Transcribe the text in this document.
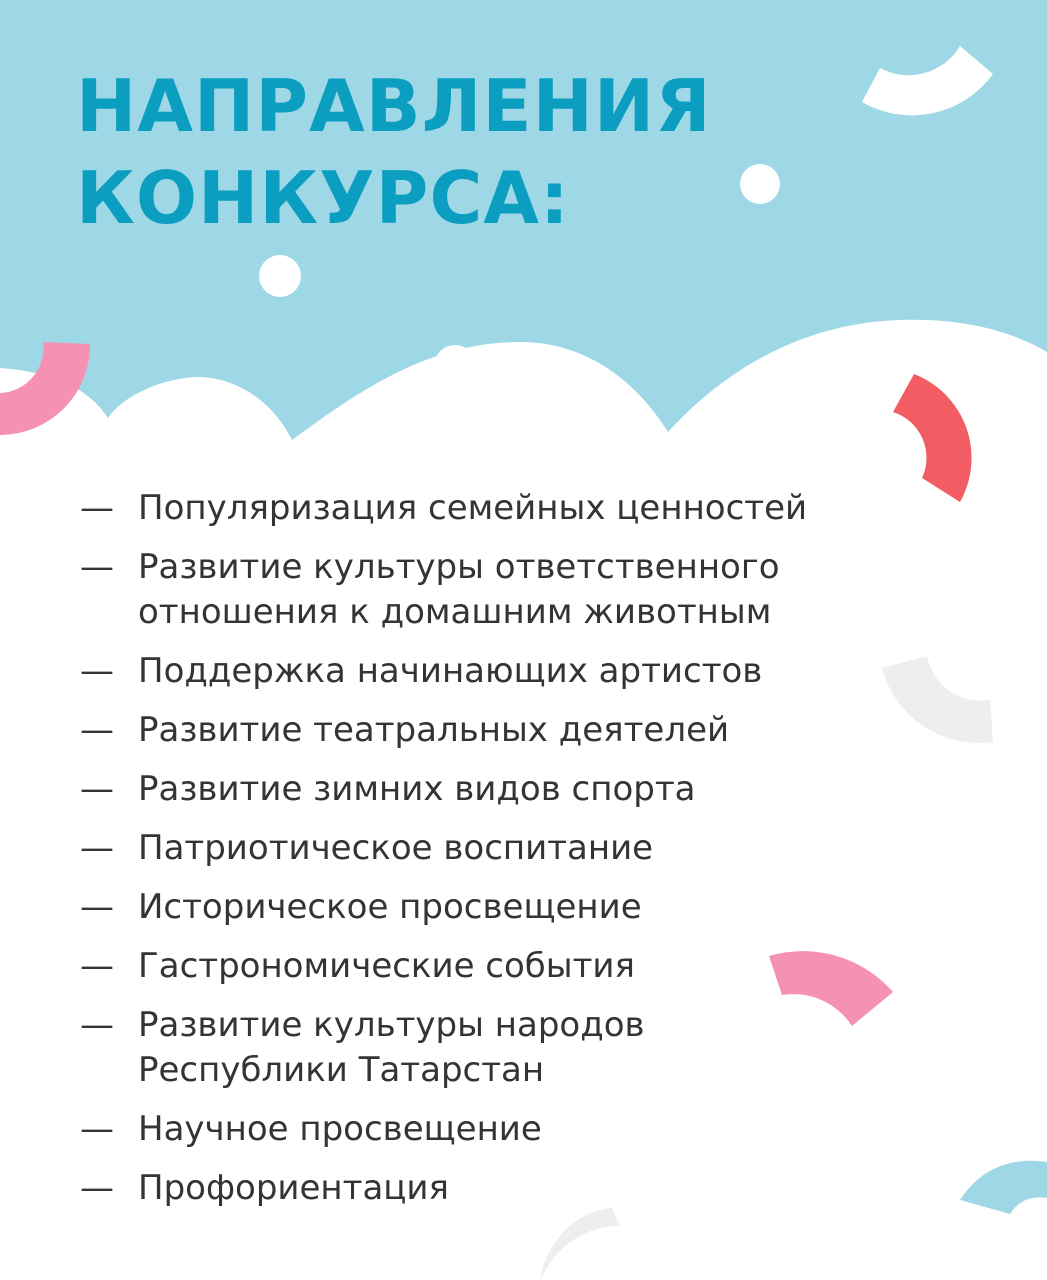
НАПРАВЛЕНИЯ
КОНКУРСА:
— Популяризация семейных ценностей
— Развитие культуры ответственного
отношения к домашним животным
— Поддержка начинающих артистов
— Развитие театральных деятелей
— Развитие зимних видов спорта
— Патриотическое воспитание
— Историческое просвещение
— Гастрономические события
— Развитие культуры народов
Республики Татарстан
— Научное просвещение
— Профориентация
